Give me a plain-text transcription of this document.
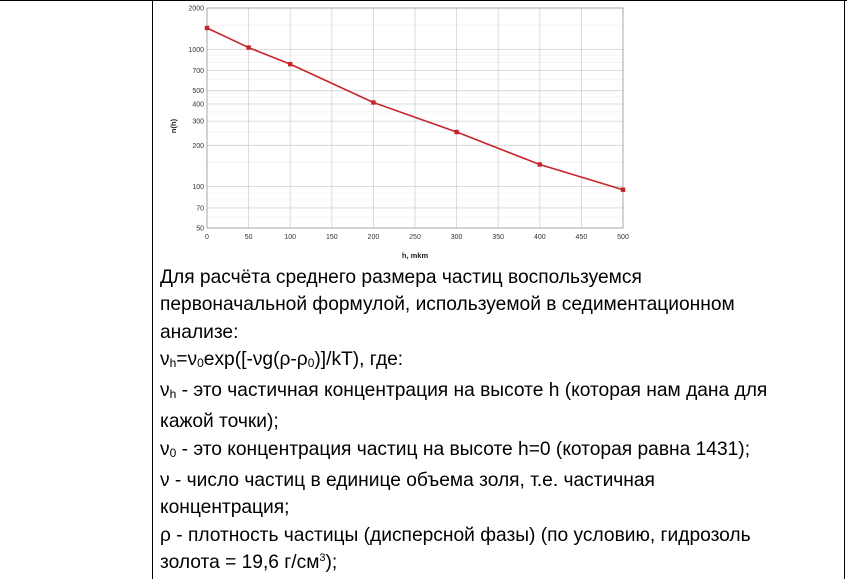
50
70
100
200
300
400
500
700
1000
2000
0	50	100	150	200	250	300	350	400	450	500
n(h)
h, mkm

Для расчёта среднего размера частиц воспользуемся

первоначальной формулой, используемой в седиментационном

анализе:

$\nu_h=\nu_0\exp([-\nu g(\rho-\rho_0)]/kT)$, где:

$\nu_h$ - это частичная концентрация на высоте h (которая нам дана для

кажой точки);

$\nu_0$ - это концентрация частиц на высоте h=0 (которая равна 1431);

ν - число частиц в единице объема золя, т.е. частичная

концентрация;

ρ - плотность частицы (дисперсной фазы) (по условию, гидрозоль

золота = 19,6 $г/см^3$);
